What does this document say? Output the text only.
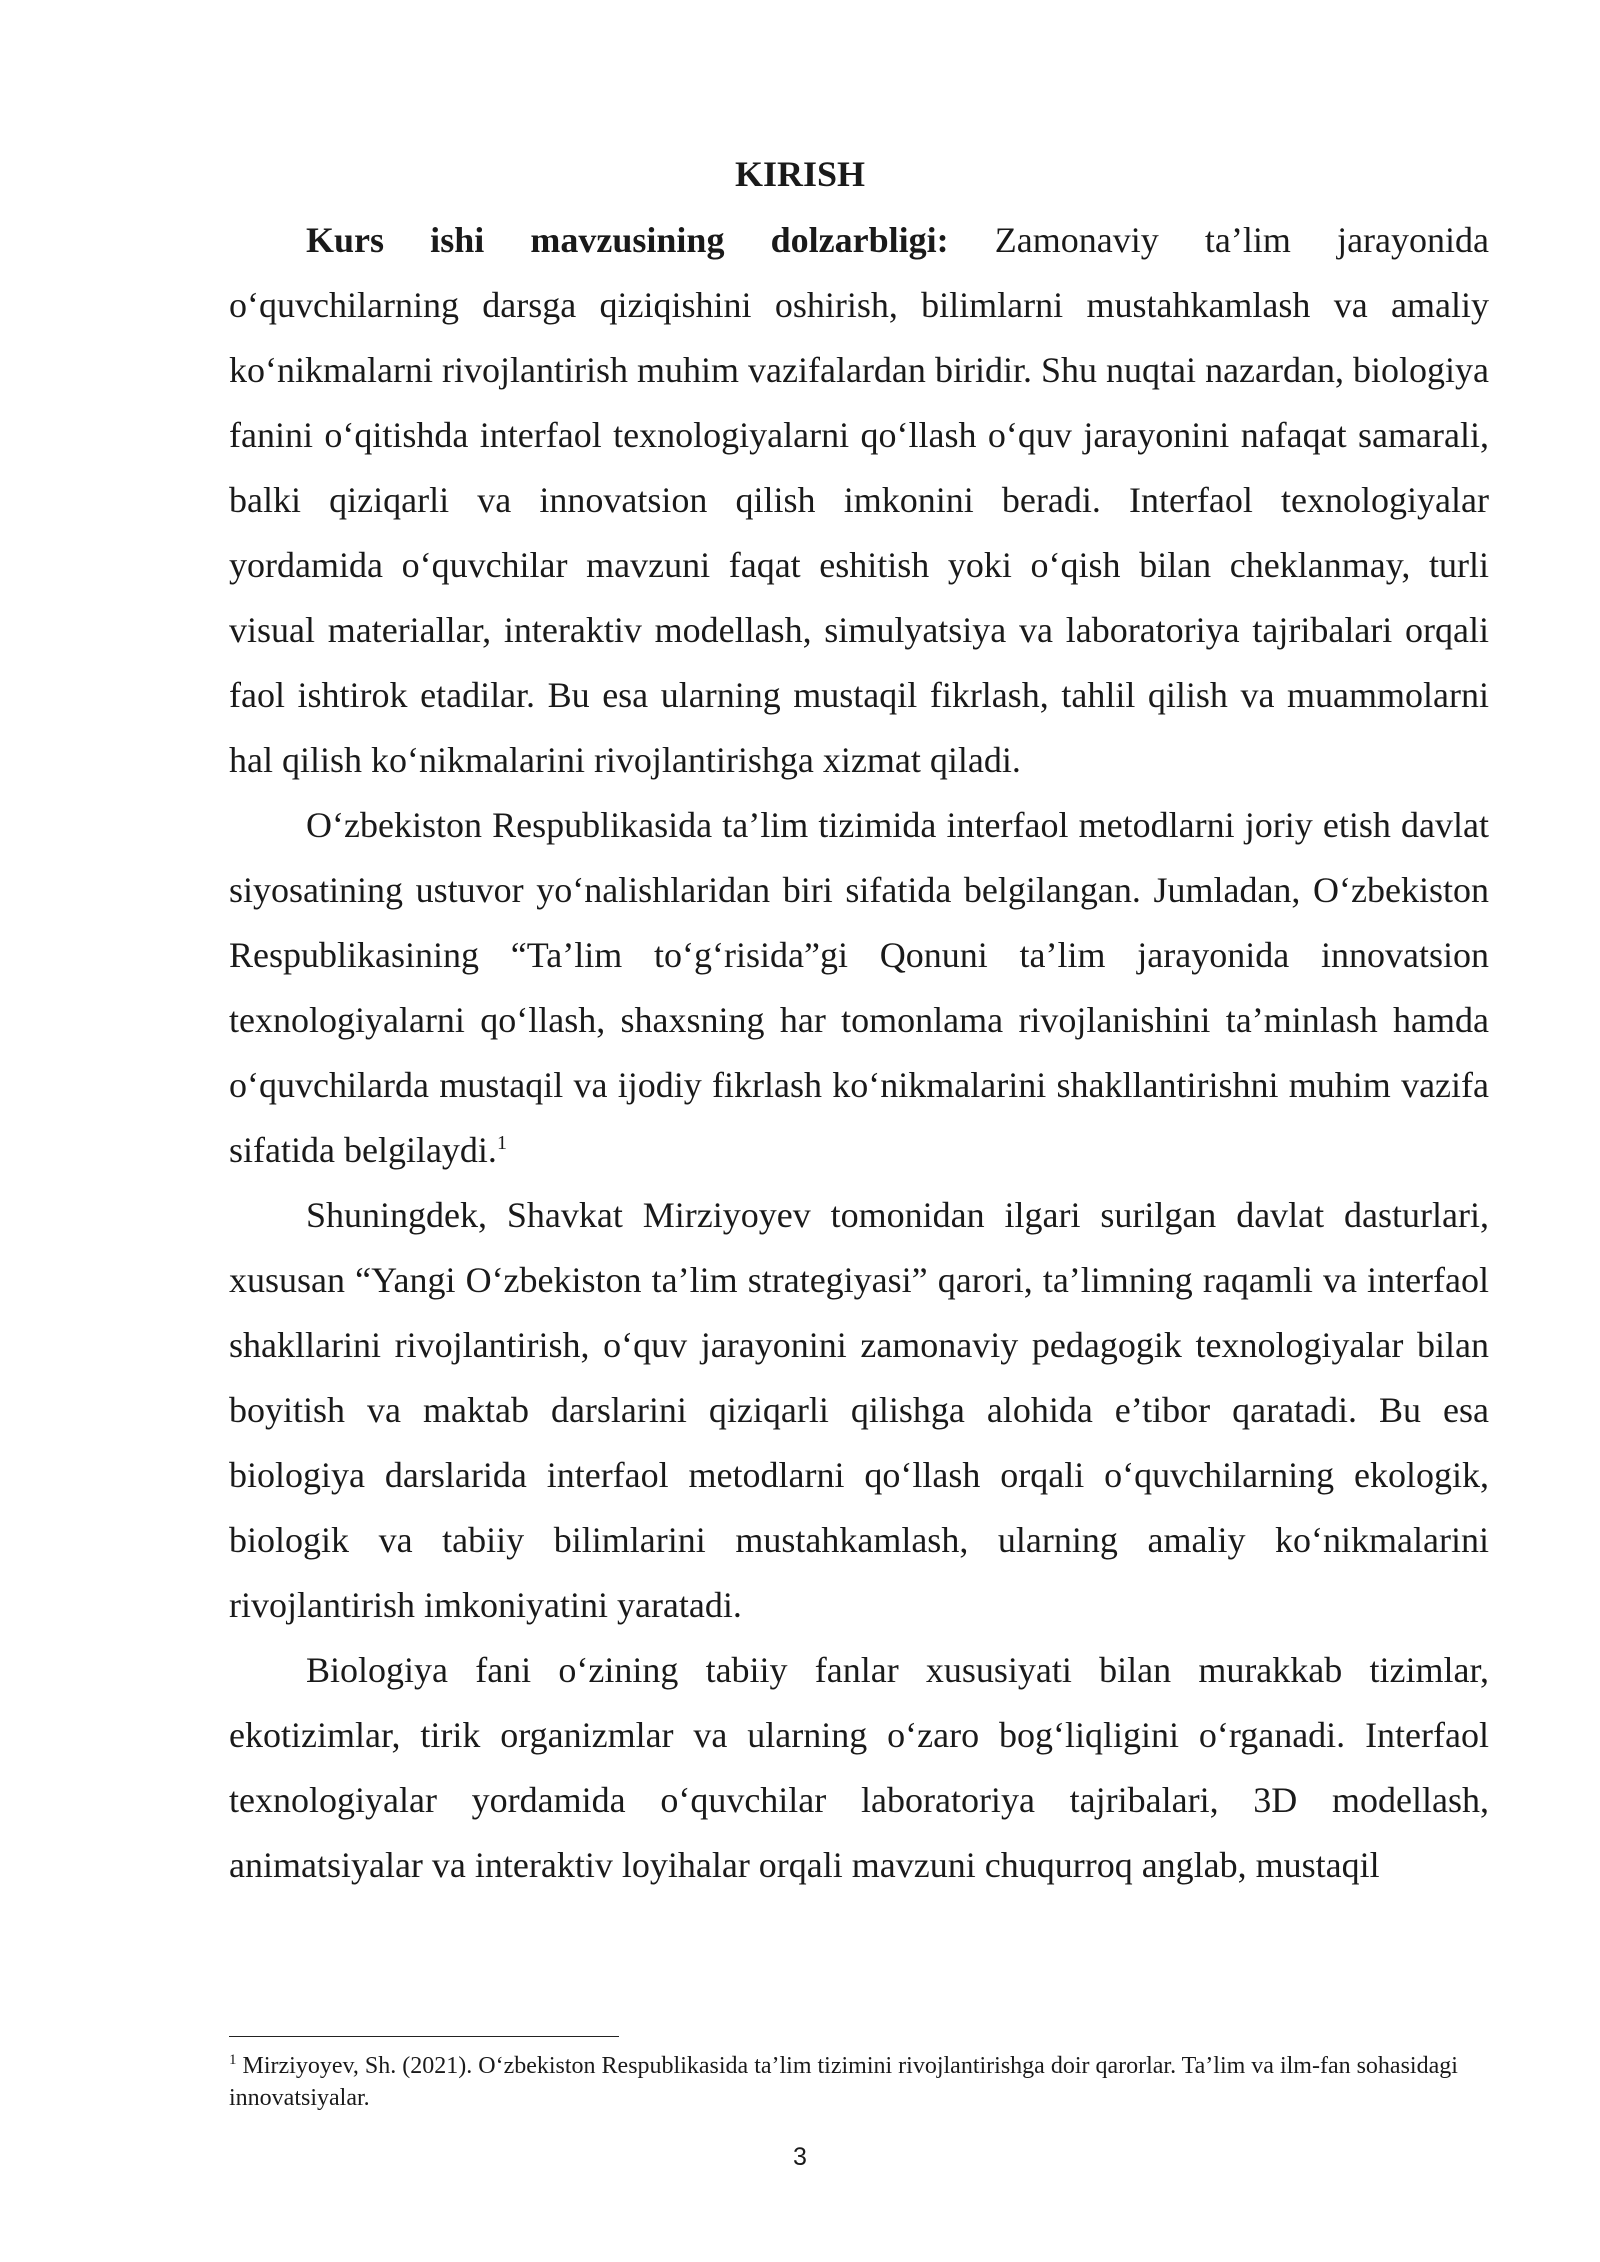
KIRISH

Kurs ishi mavzusining dolzarbligi: Zamonaviy ta’lim jarayonida o‘quvchilarning darsga qiziqishini oshirish, bilimlarni mustahkamlash va amaliy ko‘nikmalarni rivojlantirish muhim vazifalardan biridir. Shu nuqtai nazardan, biologiya fanini o‘qitishda interfaol texnologiyalarni qo‘llash o‘quv jarayonini nafaqat samarali, balki qiziqarli va innovatsion qilish imkonini beradi. Interfaol texnologiyalar yordamida o‘quvchilar mavzuni faqat eshitish yoki o‘qish bilan cheklanmay, turli visual materiallar, interaktiv modellash, simulyatsiya va laboratoriya tajribalari orqali faol ishtirok etadilar. Bu esa ularning mustaqil fikrlash, tahlil qilish va muammolarni hal qilish ko‘nikmalarini rivojlantirishga xizmat qiladi.

O‘zbekiston Respublikasida ta’lim tizimida interfaol metodlarni joriy etish davlat siyosatining ustuvor yo‘nalishlaridan biri sifatida belgilangan. Jumladan, O‘zbekiston Respublikasining “Ta’lim to‘g‘risida”gi Qonuni ta’lim jarayonida innovatsion texnologiyalarni qo‘llash, shaxsning har tomonlama rivojlanishini ta’minlash hamda o‘quvchilarda mustaqil va ijodiy fikrlash ko‘nikmalarini shakllantirishni muhim vazifa sifatida belgilaydi.$^1$

Shuningdek, Shavkat Mirziyoyev tomonidan ilgari surilgan davlat dasturlari, xususan “Yangi O‘zbekiston ta’lim strategiyasi” qarori, ta’limning raqamli va interfaol shakllarini rivojlantirish, o‘quv jarayonini zamonaviy pedagogik texnologiyalar bilan boyitish va maktab darslarini qiziqarli qilishga alohida e’tibor qaratadi. Bu esa biologiya darslarida interfaol metodlarni qo‘llash orqali o‘quvchilarning ekologik, biologik va tabiiy bilimlarini mustahkamlash, ularning amaliy ko‘nikmalarini rivojlantirish imkoniyatini yaratadi.

Biologiya fani o‘zining tabiiy fanlar xususiyati bilan murakkab tizimlar, ekotizimlar, tirik organizmlar va ularning o‘zaro bog‘liqligini o‘rganadi. Interfaol texnologiyalar yordamida o‘quvchilar laboratoriya tajribalari, 3D modellash, animatsiyalar va interaktiv loyihalar orqali mavzuni chuqurroq anglab, mustaqil

$^1$ Mirziyoyev, Sh. (2021). O‘zbekiston Respublikasida ta’lim tizimini rivojlantirishga doir qarorlar. Ta’lim va ilm-fan sohasidagi innovatsiyalar.

3
